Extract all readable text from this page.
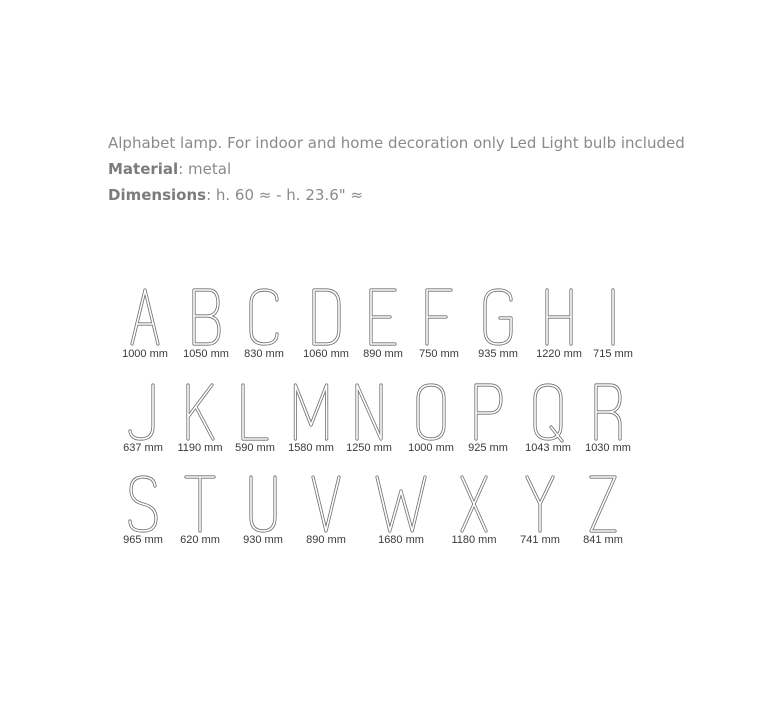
Alphabet lamp. For indoor and home decoration only Led Light bulb included

Material: metal

Dimensions: h. 60 ≈ - h. 23.6" ≈

1000 mm 1050 mm 830 mm 1060 mm 890 mm 750 mm 935 mm 1220 mm 715 mm
637 mm 1190 mm 590 mm 1580 mm 1250 mm 1000 mm 925 mm 1043 mm 1030 mm
965 mm 620 mm 930 mm 890 mm	1680 mm	1180 mm 741 mm 841 mm
